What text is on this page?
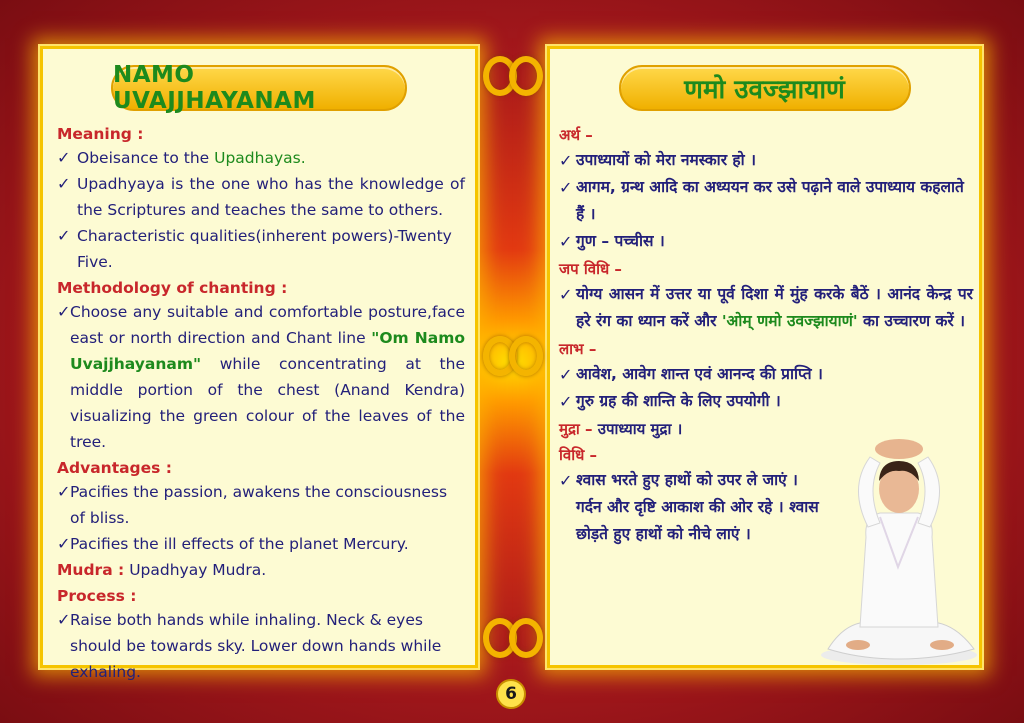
NAMO UVAJJHAYANAM
Meaning :
✓ Obeisance to the Upadhayas.
✓ Upadhyaya is the one who has the knowledge of the Scriptures and teaches the same to others.
✓ Characteristic qualities(inherent powers)-Twenty Five.
Methodology of chanting :
✓ Choose any suitable and comfortable posture,face east or north direction and Chant line "Om Namo Uvajjhayanam" while concentrating at the middle portion of the chest (Anand Kendra) visualizing the green colour of the leaves of the tree.
Advantages :
✓ Pacifies the passion, awakens the consciousness of bliss.
✓ Pacifies the ill effects of the planet Mercury.
Mudra : Upadhyay Mudra.
Process :
✓ Raise both hands while inhaling. Neck & eyes should be towards sky. Lower down hands while exhaling.
णमो उवज्झायाणं
अर्थ –
✓ उपाध्यायों को मेरा नमस्कार हो ।
✓ आगम, ग्रन्थ आदि का अध्ययन कर उसे पढ़ाने वाले उपाध्याय कहलाते हैं ।
✓ गुण – पच्चीस ।
जप विधि –
✓ योग्य आसन में उत्तर या पूर्व दिशा में मुंह करके बैठें । आनंद केन्द्र पर हरे रंग का ध्यान करें और 'ओम् णमो उवज्झायाणं' का उच्चारण करें ।
लाभ –
✓ आवेश, आवेग शान्त एवं आनन्द की प्राप्ति ।
✓ गुरु ग्रह की शान्ति के लिए उपयोगी ।
मुद्रा – उपाध्याय मुद्रा ।
विधि –
✓ श्वास भरते हुए हाथों को उपर ले जाएं । गर्दन और दृष्टि आकाश की ओर रहे । श्वास छोड़ते हुए हाथों को नीचे लाएं ।
6
